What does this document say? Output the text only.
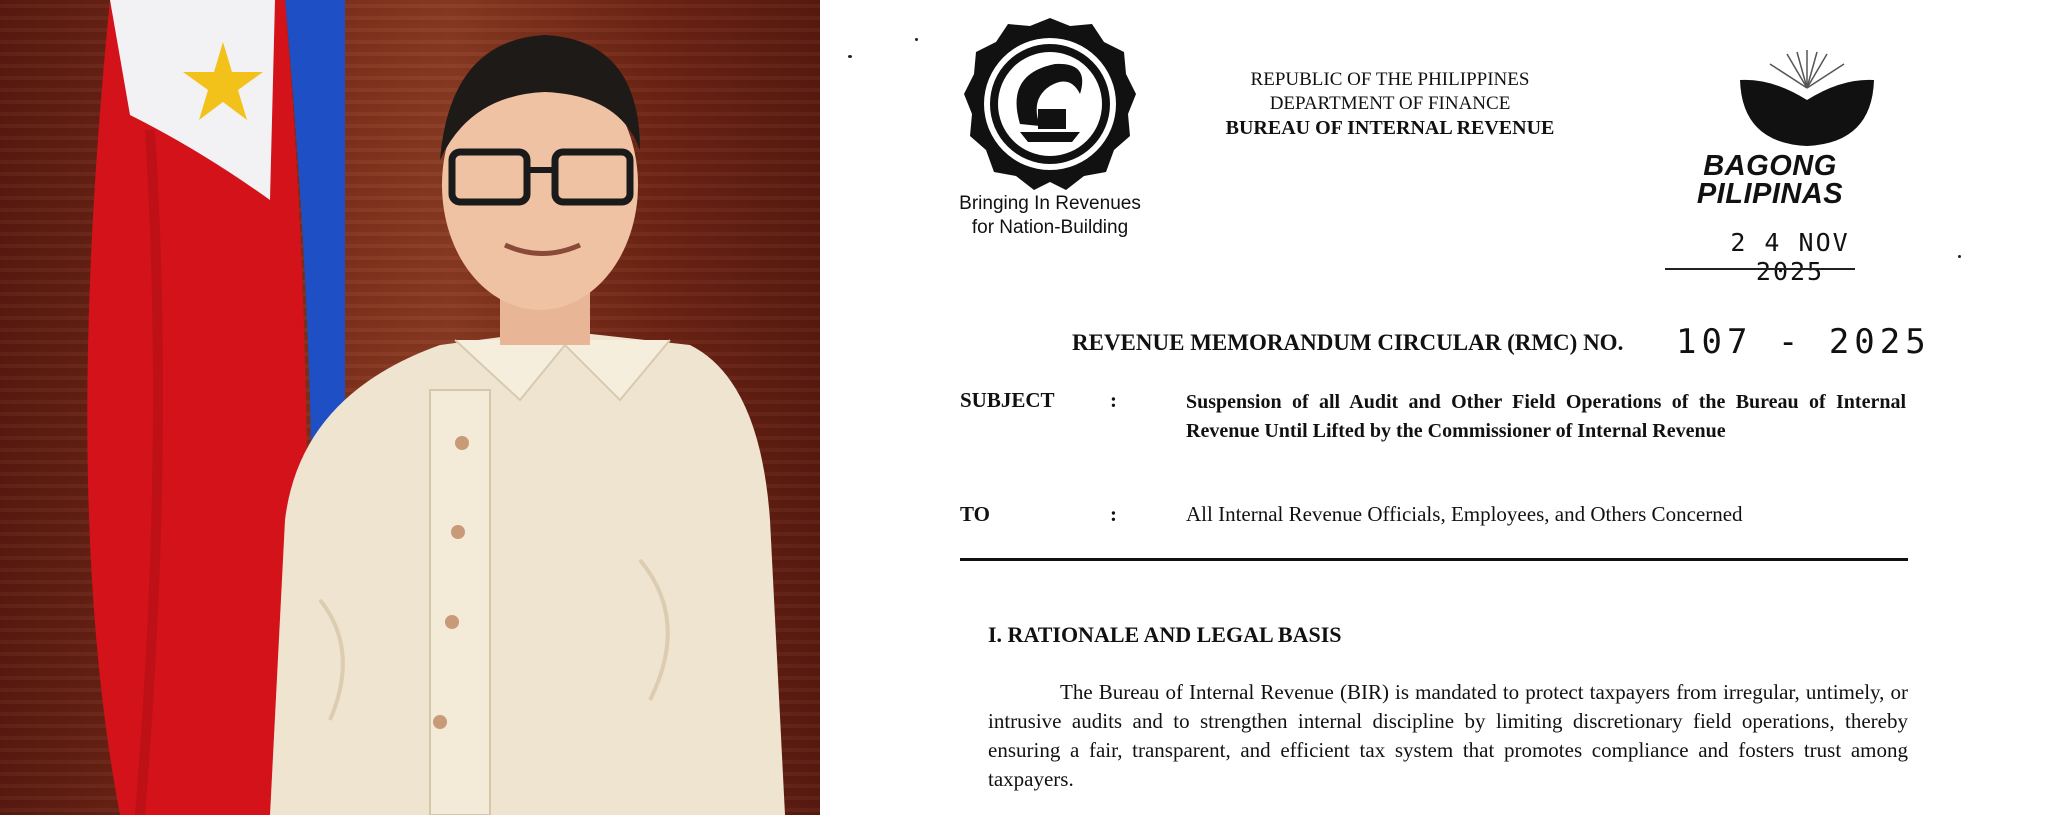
Bringing In Revenues
for Nation-Building
REPUBLIC OF THE PHILIPPINES
DEPARTMENT OF FINANCE
BUREAU OF INTERNAL REVENUE
BAGONG
PILIPINAS
2 4 NOV 2025
REVENUE MEMORANDUM CIRCULAR (RMC) NO. 107 - 2025
SUBJECT	:	Suspension of all Audit and Other Field Operations of the Bureau of Internal Revenue Until Lifted by the Commissioner of Internal Revenue
TO	:	All Internal Revenue Officials, Employees, and Others Concerned
I. RATIONALE AND LEGAL BASIS
The Bureau of Internal Revenue (BIR) is mandated to protect taxpayers from irregular, untimely, or intrusive audits and to strengthen internal discipline by limiting discretionary field operations, thereby ensuring a fair, transparent, and efficient tax system that promotes compliance and fosters trust among taxpayers.
